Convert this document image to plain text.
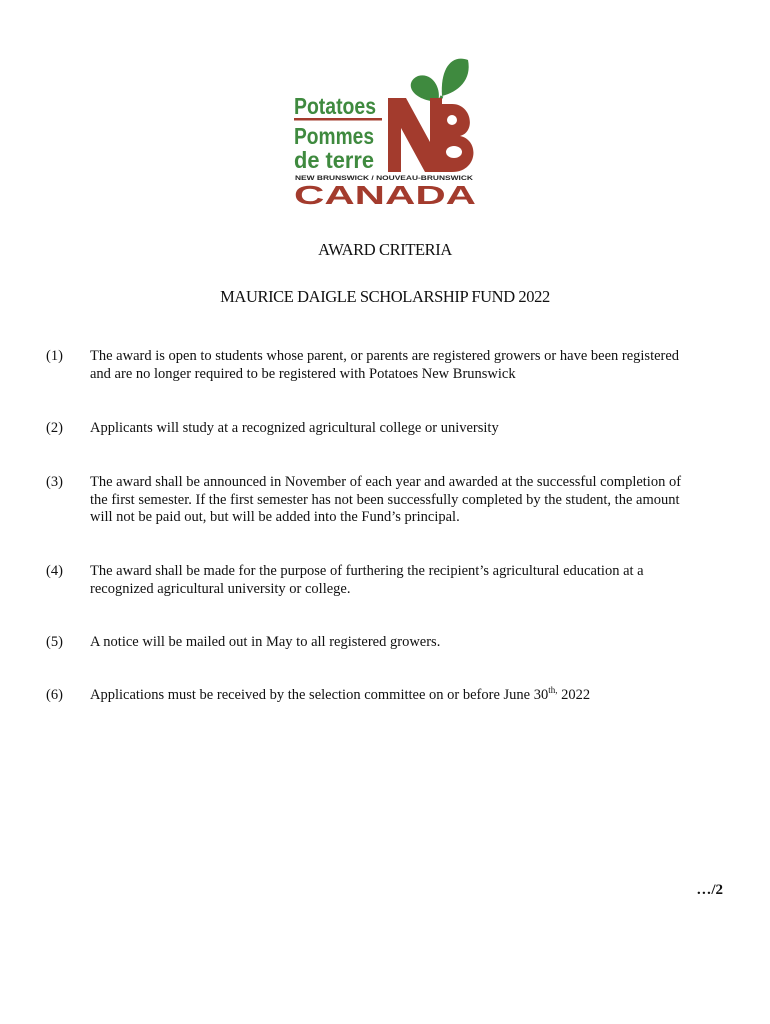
Potatoes
Pommes
de terre
NEW BRUNSWICK / NOUVEAU-BRUNSWICK
CANADA
AWARD CRITERIA
MAURICE DAIGLE SCHOLARSHIP FUND 2022
(1) The award is open to students whose parent, or parents are registered growers or have been registered
and are no longer required to be registered with Potatoes New Brunswick
(2) Applicants will study at a recognized agricultural college or university
(3) The award shall be announced in November of each year and awarded at the successful completion of
the first semester. If the first semester has not been successfully completed by the student, the amount
will not be paid out, but will be added into the Fund’s principal.
(4) The award shall be made for the purpose of furthering the recipient’s agricultural education at a
recognized agricultural university or college.
(5) A notice will be mailed out in May to all registered growers.
(6) Applications must be received by the selection committee on or before June $30^{th,}$ 2022
…/2
